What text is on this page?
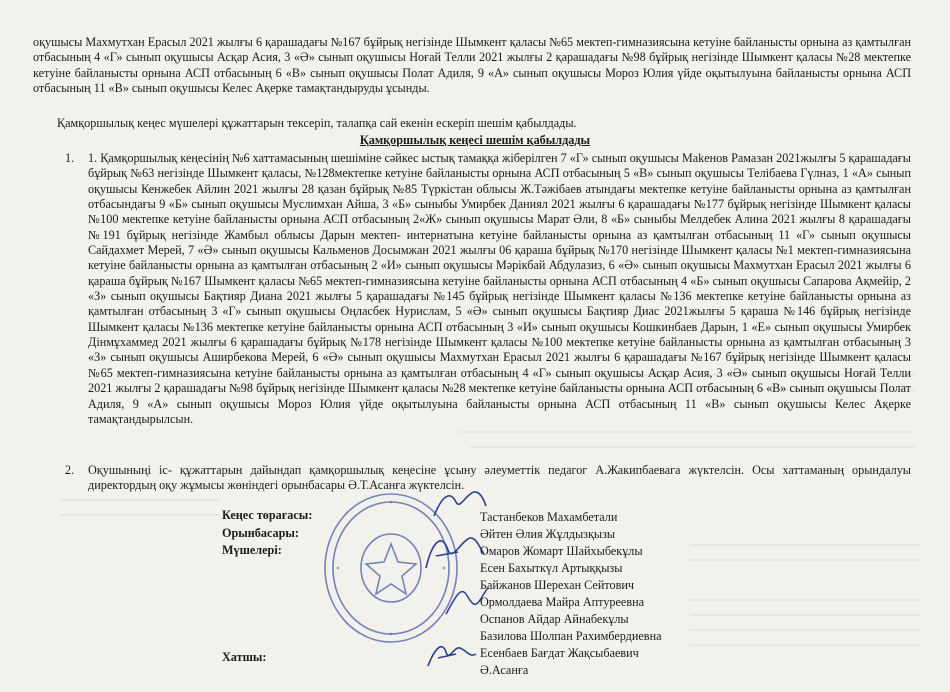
оқушысы Махмутхан Ерасыл 2021 жылғы 6 қарашадағы №167 бұйрық негізінде Шымкент қаласы №65 мектеп-гимназиясына кетуіне байланысты орнына аз қамтылған отбасының 4 «Г» сынып оқушысы Асқар Асия, 3 «Ә» сынып оқушысы Ноғай Телли 2021 жылғы 2 қарашадағы №98 бұйрық негізінде Шымкент қаласы №28 мектепке кетуіне байланысты орнына АСП отбасының 6 «В» сынып оқушысы Полат Адиля, 9 «А» сынып оқушысы Мороз Юлия үйде оқытылуына байланысты орнына АСП отбасының 11 «В» сынып оқушысы Келес Ақерке тамақтандыруды ұсынды.
Қамқоршылық кеңес мүшелері құжаттарын тексеріп, талапқа сай екенін ескеріп шешім қабылдады.
Қамқоршылық кеңесі шешім қабылдады
1. 1. Қамқоршылық кеңесінің №6 хаттамасының шешіміне сәйкес ыстық тамаққа жіберілген 7 «Г» сынып оқушысы Маkенов Рамазан 2021жылғы 5 қарашадағы бұйрық №63 негізінде Шымкент қаласы, №128мектепке кетуіне байланысты орнына АСП отбасының 5 «В» сынып оқушысы Телібаева Гүлназ, 1 «А» сынып оқушысы Кенжебек Айлин 2021 жылғы 28 қазан бұйрық №85 Түркістан облысы Ж.Тәжібаев атындағы мектепке кетуіне байланысты орнына аз қамтылған отбасындағы 9 «Б» сынып оқушысы Муслимхан Айша, 3 «Б» сыныбы Умирбек Даниял 2021 жылғы 6 қарашадағы №177 бұйрық негізінде Шымкент қаласы №100 мектепке кетуіне байланысты орнына АСП отбасының 2«Ж» сынып оқушысы Марат Әли, 8 «Б» сыныбы Мелдебек Алина 2021 жылғы 8 қарашадағы №191 бұйрық негізінде Жамбыл облысы Дарын мектеп- интернатына кетуіне байланысты орнына аз қамтылған отбасының 11 «Г» сынып оқушысы Сайдахмет Мерей, 7 «Ә» сынып оқушысы Кальменов Досымжан 2021 жылғы 06 қараша бұйрық №170 негізінде Шымкент қаласы №1 мектеп-гимназиясына кетуіне байланысты орнына аз қамтылған отбасының 2 «И» сынып оқушысы Мәрікбай Абдулазиз, 6 «Ә» сынып оқушысы Махмутхан Ерасыл 2021 жылғы 6 қараша бұйрық №167 Шымкент қаласы №65 мектеп-гимназиясына кетуіне байланысты орнына АСП отбасының 4 «Б» сынып оқушысы Сапарова Ақмейір, 2 «З» сынып оқушысы Бақтияр Диана 2021 жылғы 5 қарашадағы №145 бұйрық негізінде Шымкент қаласы №136 мектепке кетуіне байланысты орнына аз қамтылған отбасының 3 «Г» сынып оқушысы Оңласбек Нурислам, 5 «Ә» сынып оқушысы Бақтияр Диас 2021жылғы 5 қараша №146 бұйрық негізінде Шымкент қаласы №136 мектепке кетуіне байланысты орнына АСП отбасының 3 «И» сынып оқушысы Кошкинбаев Дарын, 1 «Е» сынып оқушысы Умирбек Дінмұхаммед 2021 жылғы 6 қарашадағы бұйрық №178 негізінде Шымкент қаласы №100 мектепке кетуіне байланысты орнына аз қамтылған отбасының 3 «З» сынып оқушысы Аширбекова Мерей, 6 «Ә» сынып оқушысы Махмутхан Ерасыл 2021 жылғы 6 қарашадағы №167 бұйрық негізінде Шымкент қаласы №65 мектеп-гимназиясына кетуіне байланысты орнына аз қамтылған отбасының 4 «Г» сынып оқушысы Асқар Асия, 3 «Ә» сынып оқушысы Ноғай Телли 2021 жылғы 2 қарашадағы №98 бұйрық негізінде Шымкент қаласы №28 мектепке кетуіне байланысты орнына АСП отбасының 6 «В» сынып оқушысы Полат Адиля, 9 «А» сынып оқушысы Мороз Юлия үйде оқытылуына байланысты орнына АСП отбасының 11 «В» сынып оқушысы Келес Ақерке тамақтандырылсын.
2. Оқушыныңі іс- құжаттарын дайындап қамқоршылық кеңесіне ұсыну әлеуметтік педагог А.Жакипбаевага жүктелсін. Осы хаттаманың орындалуы директордың оқу жұмысы жөніндегі орынбасары Ә.Т.Асанға жүктелсін.
Кеңес төрағасы:
Орынбасары:
Мүшелері:
Хатшы:
Тастанбеков Махамбетали
Әйтен Әлия Жұлдызқызы
Омаров Жомарт Шайхыбекұлы
Есен Бахыткүл Артыққызы
Байжанов Шерехан Сейтович
Ормолдаева Майра Аптуреевна
Оспанов Айдар Айнабекұлы
Базилова Шолпан Рахимбердиевна
Есенбаев Бағдат Жақсыбаевич
Ә.Асанға
